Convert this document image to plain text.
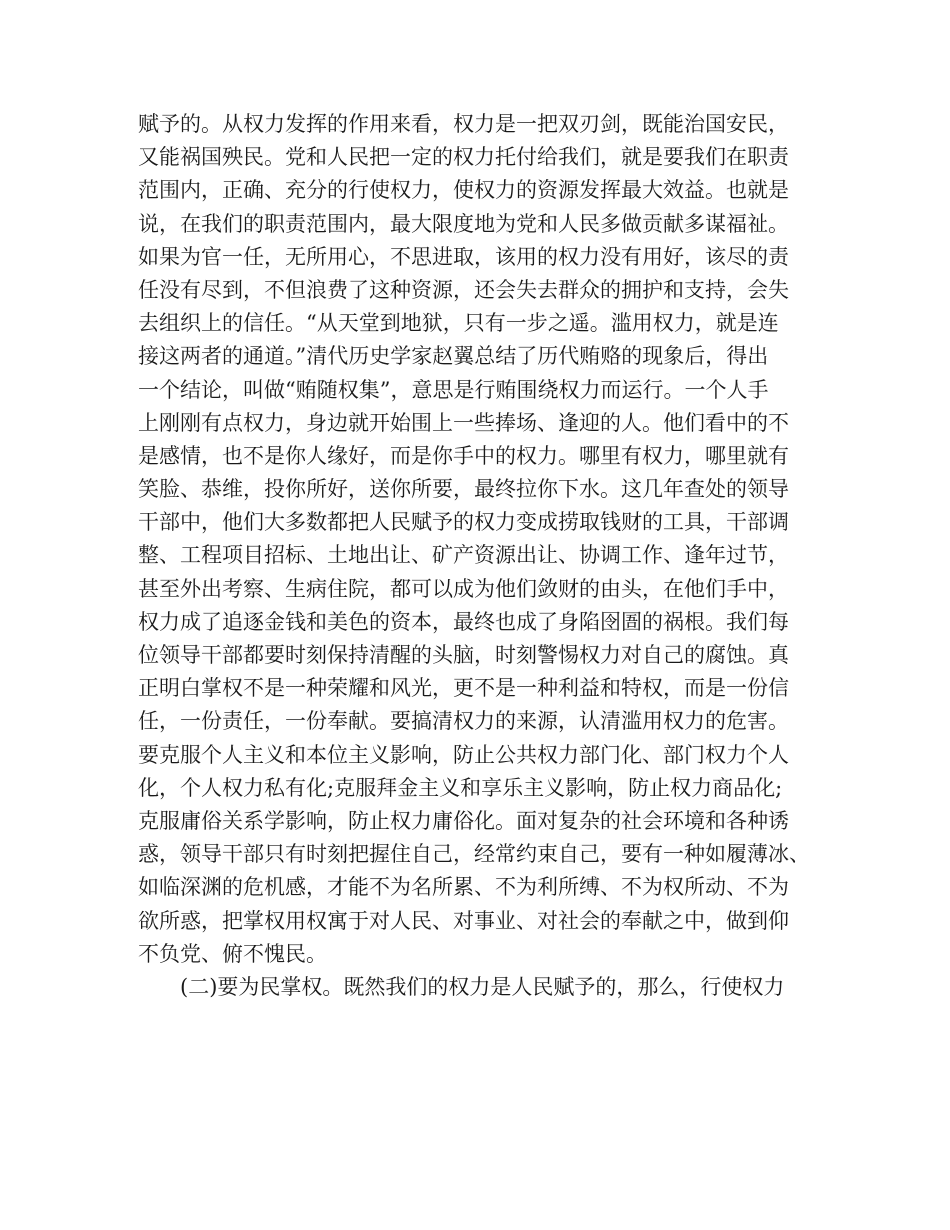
赋予的。从权力发挥的作用来看，权力是一把双刃剑，既能治国安民，
又能祸国殃民。党和人民把一定的权力托付给我们，就是要我们在职责
范围内，正确、充分的行使权力，使权力的资源发挥最大效益。也就是
说，在我们的职责范围内，最大限度地为党和人民多做贡献多谋福祉。
如果为官一任，无所用心，不思进取，该用的权力没有用好，该尽的责
任没有尽到，不但浪费了这种资源，还会失去群众的拥护和支持，会失
去组织上的信任。“从天堂到地狱，只有一步之遥。滥用权力，就是连
接这两者的通道。”清代历史学家赵翼总结了历代贿赂的现象后，得出
一个结论，叫做“贿随权集”，意思是行贿围绕权力而运行。一个人手
上刚刚有点权力，身边就开始围上一些捧场、逢迎的人。他们看中的不
是感情，也不是你人缘好，而是你手中的权力。哪里有权力，哪里就有
笑脸、恭维，投你所好，送你所要，最终拉你下水。这几年查处的领导
干部中，他们大多数都把人民赋予的权力变成捞取钱财的工具，干部调
整、工程项目招标、土地出让、矿产资源出让、协调工作、逢年过节，
甚至外出考察、生病住院，都可以成为他们敛财的由头，在他们手中，
权力成了追逐金钱和美色的资本，最终也成了身陷囹圄的祸根。我们每
位领导干部都要时刻保持清醒的头脑，时刻警惕权力对自己的腐蚀。真
正明白掌权不是一种荣耀和风光，更不是一种利益和特权，而是一份信
任，一份责任，一份奉献。要搞清权力的来源，认清滥用权力的危害。
要克服个人主义和本位主义影响，防止公共权力部门化、部门权力个人
化，个人权力私有化;克服拜金主义和享乐主义影响，防止权力商品化;
克服庸俗关系学影响，防止权力庸俗化。面对复杂的社会环境和各种诱
惑，领导干部只有时刻把握住自己，经常约束自己，要有一种如履薄冰、
如临深渊的危机感，才能不为名所累、不为利所缚、不为权所动、不为
欲所惑，把掌权用权寓于对人民、对事业、对社会的奉献之中，做到仰
不负党、俯不愧民。
(二)要为民掌权。既然我们的权力是人民赋予的，那么，行使权力
